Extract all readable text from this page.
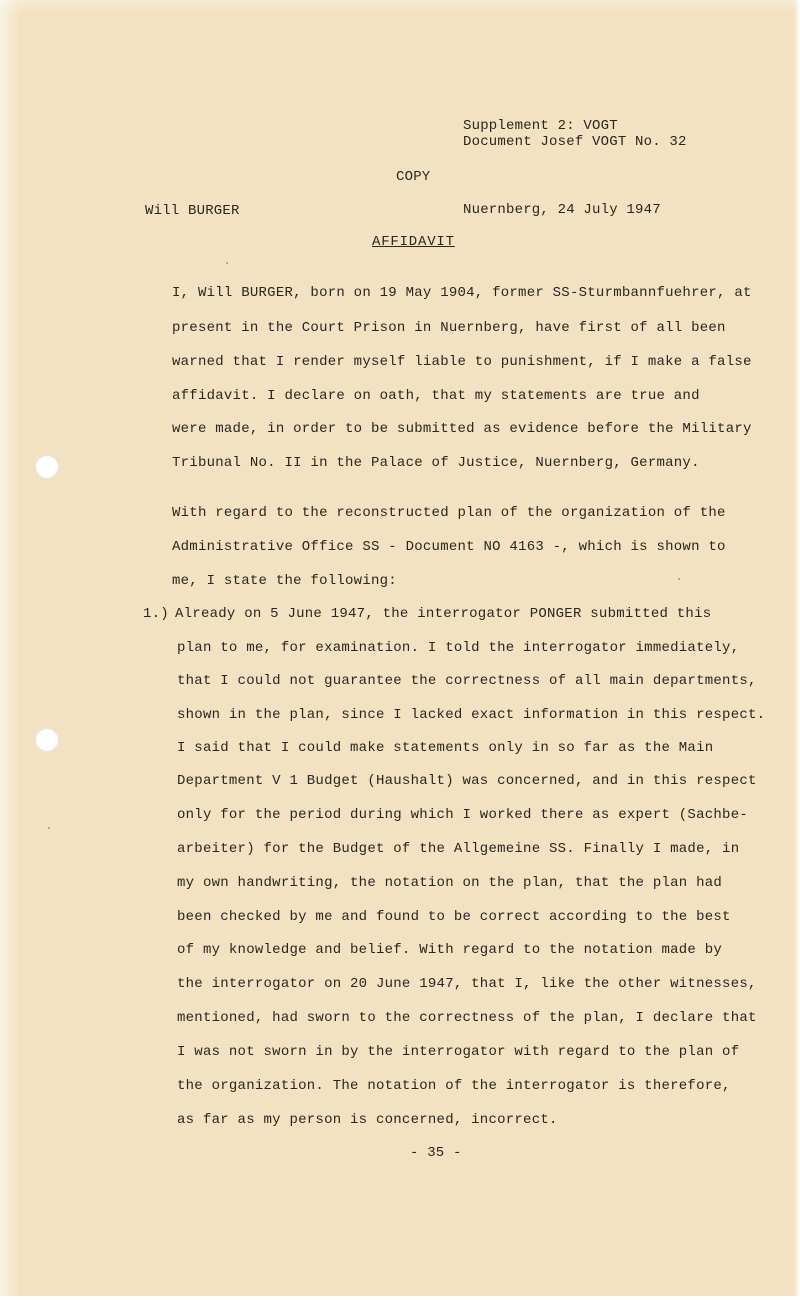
Supplement 2: VOGT
Document Josef VOGT No. 32
COPY
Will BURGER	Nuernberg, 24 July 1947
AFFIDAVIT
I, Will BURGER, born on 19 May 1904, former SS-Sturmbannfuehrer, at
present in the Court Prison in Nuernberg, have first of all been
warned that I render myself liable to punishment, if I make a false
affidavit. I declare on oath, that my statements are true and
were made, in order to be submitted as evidence before the Military
Tribunal No. II in the Palace of Justice, Nuernberg, Germany.
With regard to the reconstructed plan of the organization of the
Administrative Office SS - Document NO 4163 -, which is shown to
me, I state the following:
1.) Already on 5 June 1947, the interrogator PONGER submitted this
plan to me, for examination. I told the interrogator immediately,
that I could not guarantee the correctness of all main departments,
shown in the plan, since I lacked exact information in this respect.
I said that I could make statements only in so far as the Main
Department V 1 Budget (Haushalt) was concerned, and in this respect
only for the period during which I worked there as expert (Sachbe-
arbeiter) for the Budget of the Allgemeine SS. Finally I made, in
my own handwriting, the notation on the plan, that the plan had
been checked by me and found to be correct according to the best
of my knowledge and belief. With regard to the notation made by
the interrogator on 20 June 1947, that I, like the other witnesses,
mentioned, had sworn to the correctness of the plan, I declare that
I was not sworn in by the interrogator with regard to the plan of
the organization. The notation of the interrogator is therefore,
as far as my person is concerned, incorrect.
- 35 -
